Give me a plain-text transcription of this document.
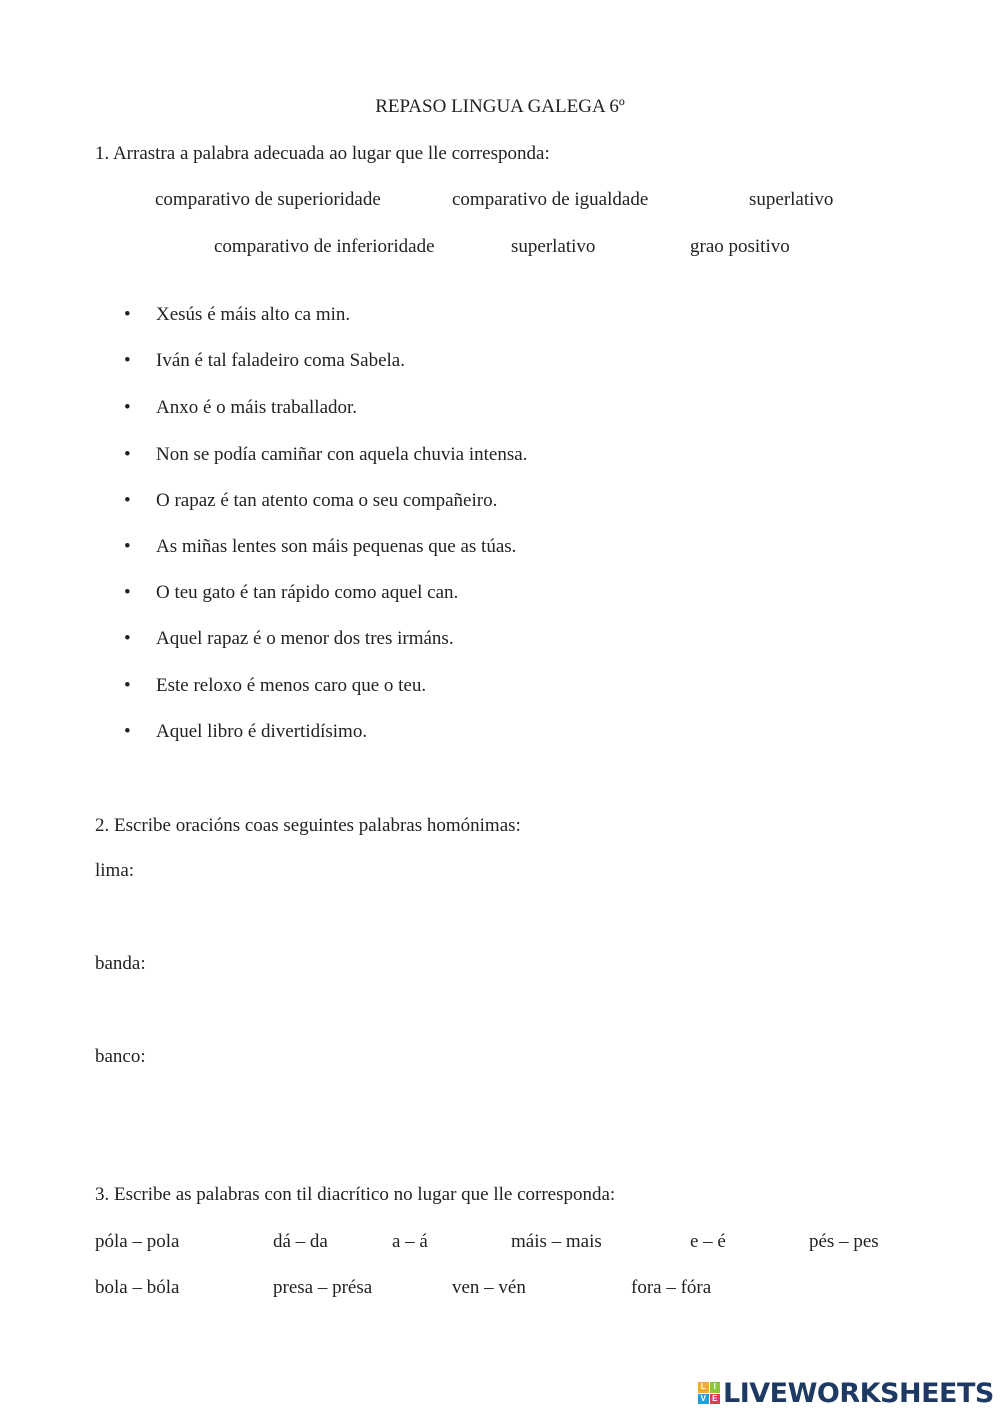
REPASO LINGUA GALEGA 6º
1. Arrastra a palabra adecuada ao lugar que lle corresponda:
comparativo de superioridade	comparativo de igualdade	superlativo
comparativo de inferioridade	superlativo	grao positivo
• Xesús é máis alto ca min.
• Iván é tal faladeiro coma Sabela.
• Anxo é o máis traballador.
• Non se podía camiñar con aquela chuvia intensa.
• O rapaz é tan atento coma o seu compañeiro.
• As miñas lentes son máis pequenas que as túas.
• O teu gato é tan rápido como aquel can.
• Aquel rapaz é o menor dos tres irmáns.
• Este reloxo é menos caro que o teu.
• Aquel libro é divertidísimo.
2. Escribe oracións coas seguintes palabras homónimas:
lima:
banda:
banco:
3. Escribe as palabras con til diacrítico no lugar que lle corresponda:
póla – pola	dá – da	a – á	máis – mais	e – é	pés – pes
bola – bóla	presa – présa	ven – vén	fora – fóra
L I
V E LIVEWORKSHEETS
